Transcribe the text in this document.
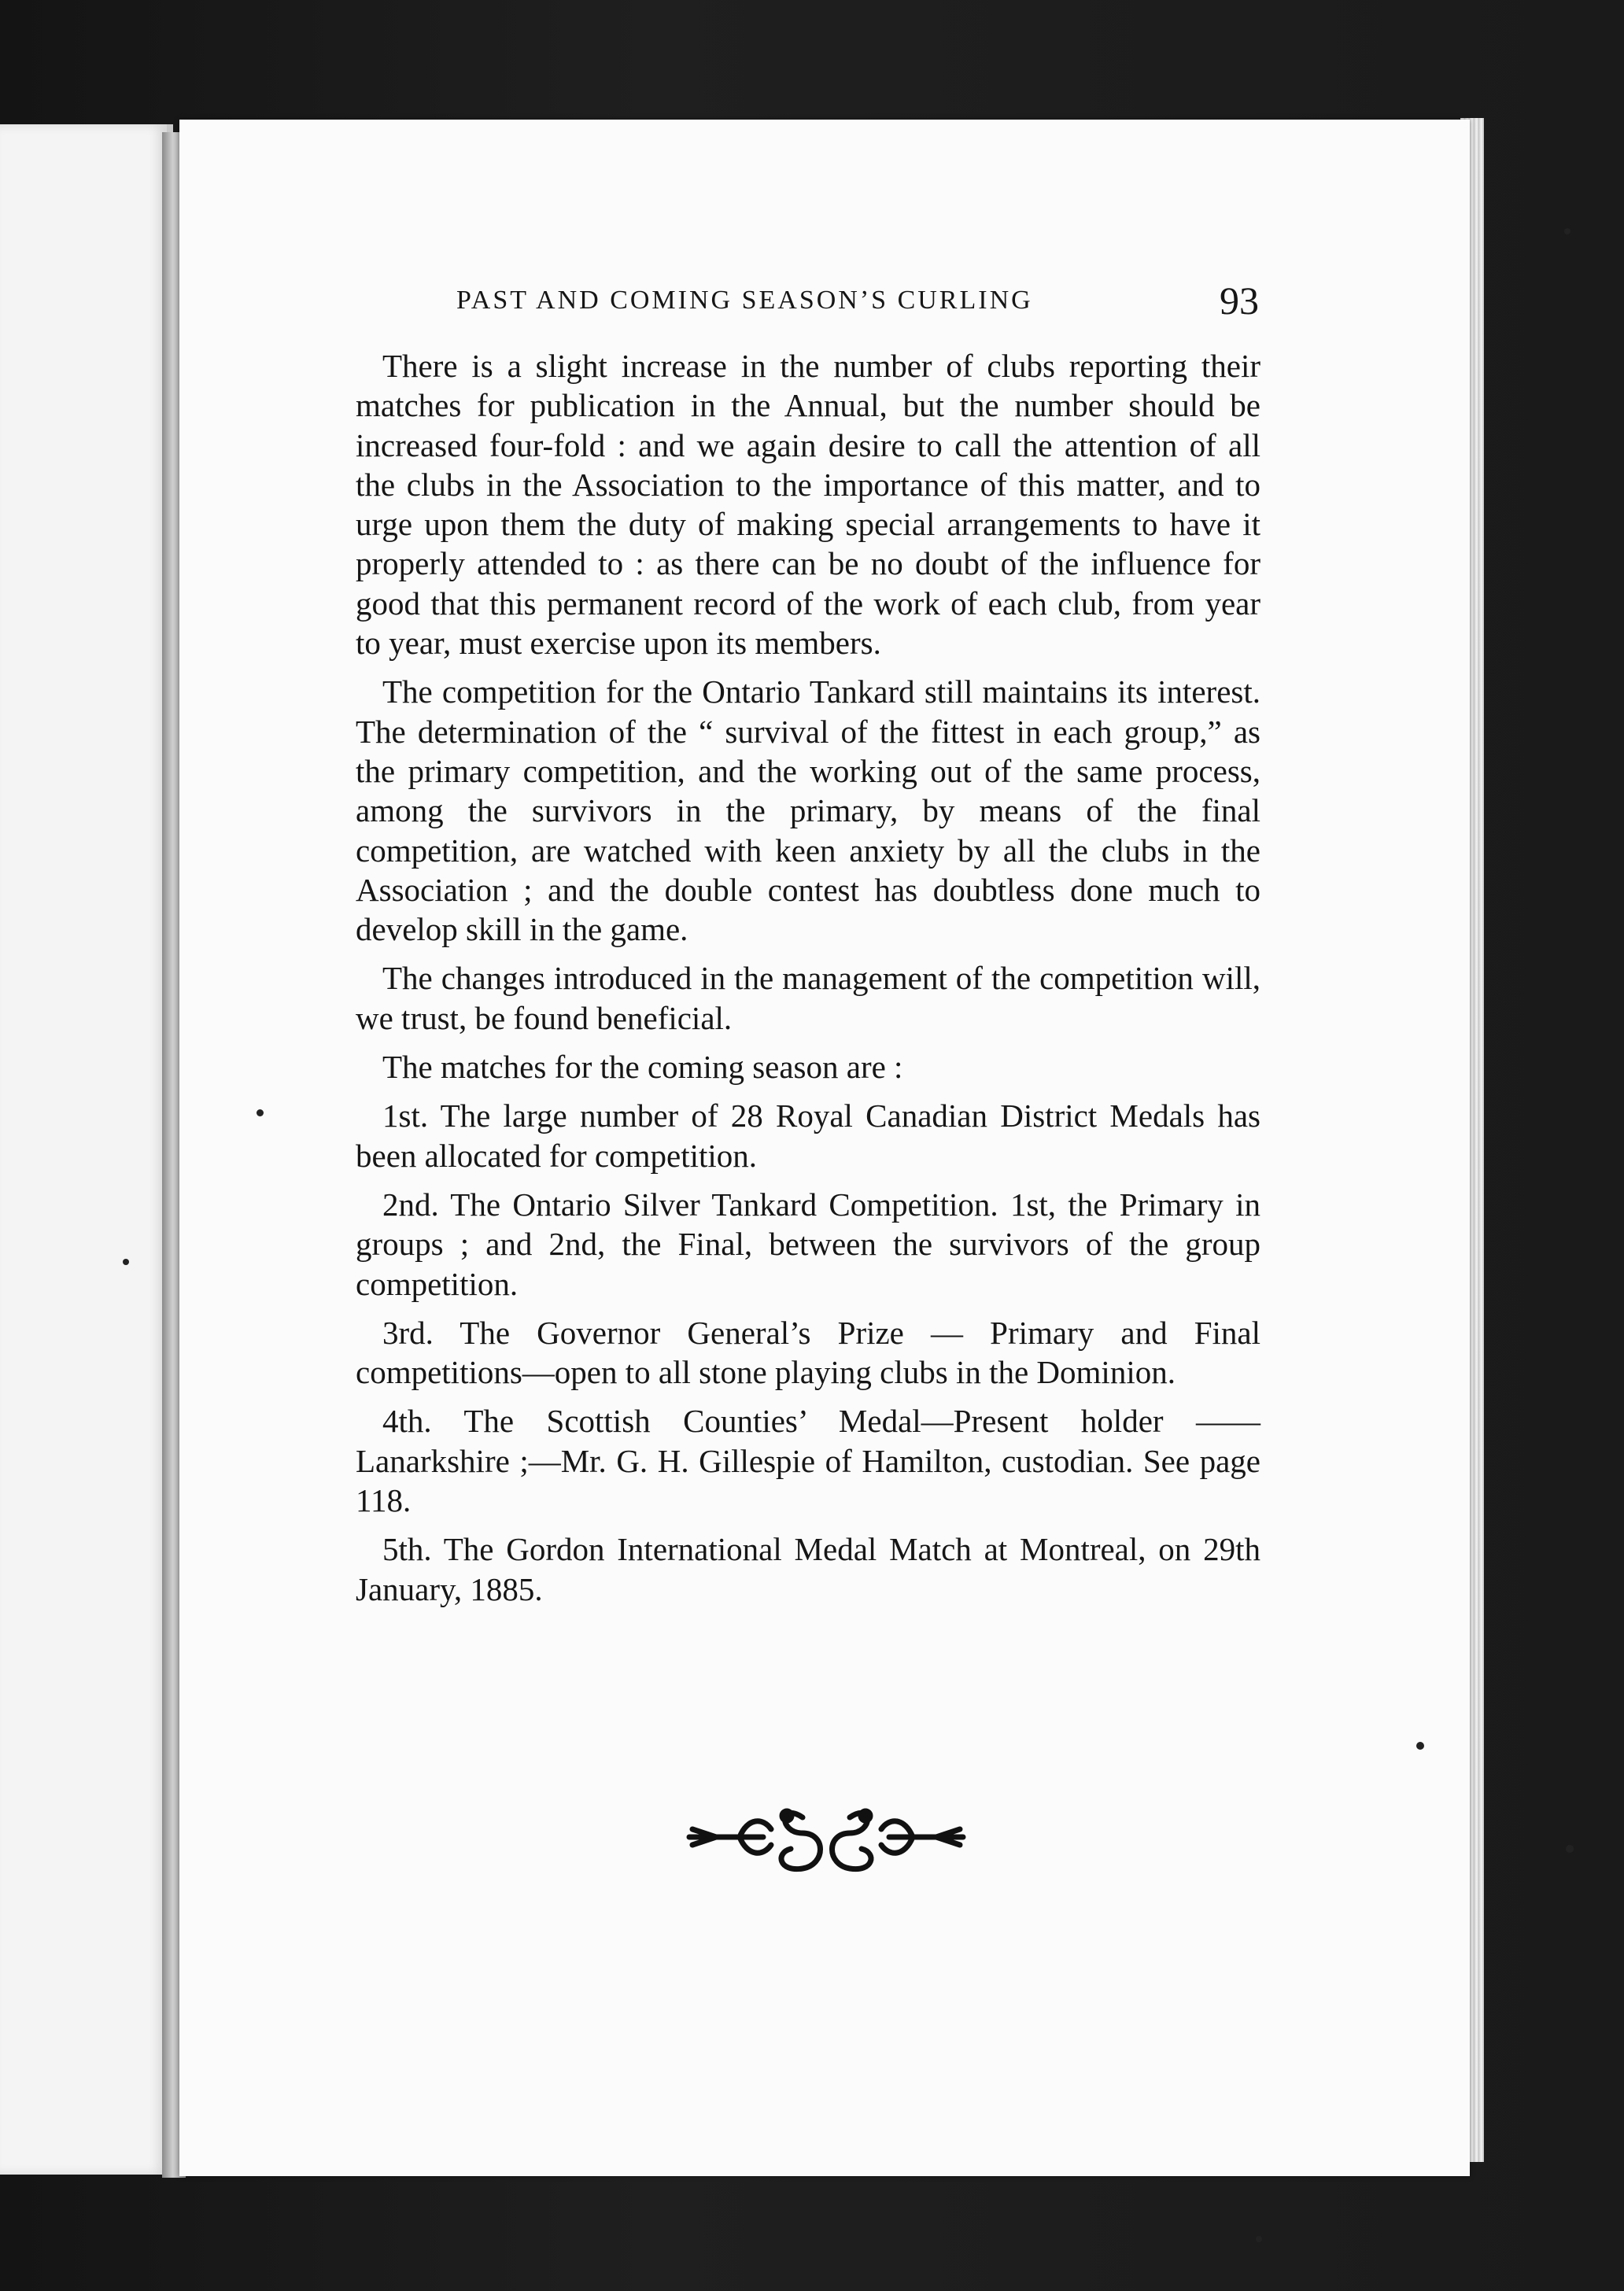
PAST AND COMING SEASON’S CURLING	93

There is a slight increase in the number of clubs reporting their matches for publication in the Annual, but the number should be increased four-fold : and we again desire to call the attention of all the clubs in the Association to the importance of this matter, and to urge upon them the duty of making special arrangements to have it properly attended to : as there can be no doubt of the influence for good that this permanent record of the work of each club, from year to year, must exercise upon its members.

The competition for the Ontario Tankard still maintains its interest. The determination of the “ survival of the fittest in each group,” as the primary competition, and the working out of the same process, among the survivors in the primary, by means of the final competition, are watched with keen anxiety by all the clubs in the Association ; and the double contest has doubtless done much to develop skill in the game.

The changes introduced in the management of the competition will, we trust, be found beneficial.

The matches for the coming season are :

1st. The large number of 28 Royal Canadian District Medals has been allocated for competition.

2nd. The Ontario Silver Tankard Competition. 1st, the Primary in groups ; and 2nd, the Final, between the survivors of the group competition.

3rd. The Governor General’s Prize — Primary and Final competitions—open to all stone playing clubs in the Dominion.

4th. The Scottish Counties’ Medal—Present holder ——Lanarkshire ;—Mr. G. H. Gillespie of Hamilton, custodian. See page 118.

5th. The Gordon International Medal Match at Montreal, on 29th January, 1885.
